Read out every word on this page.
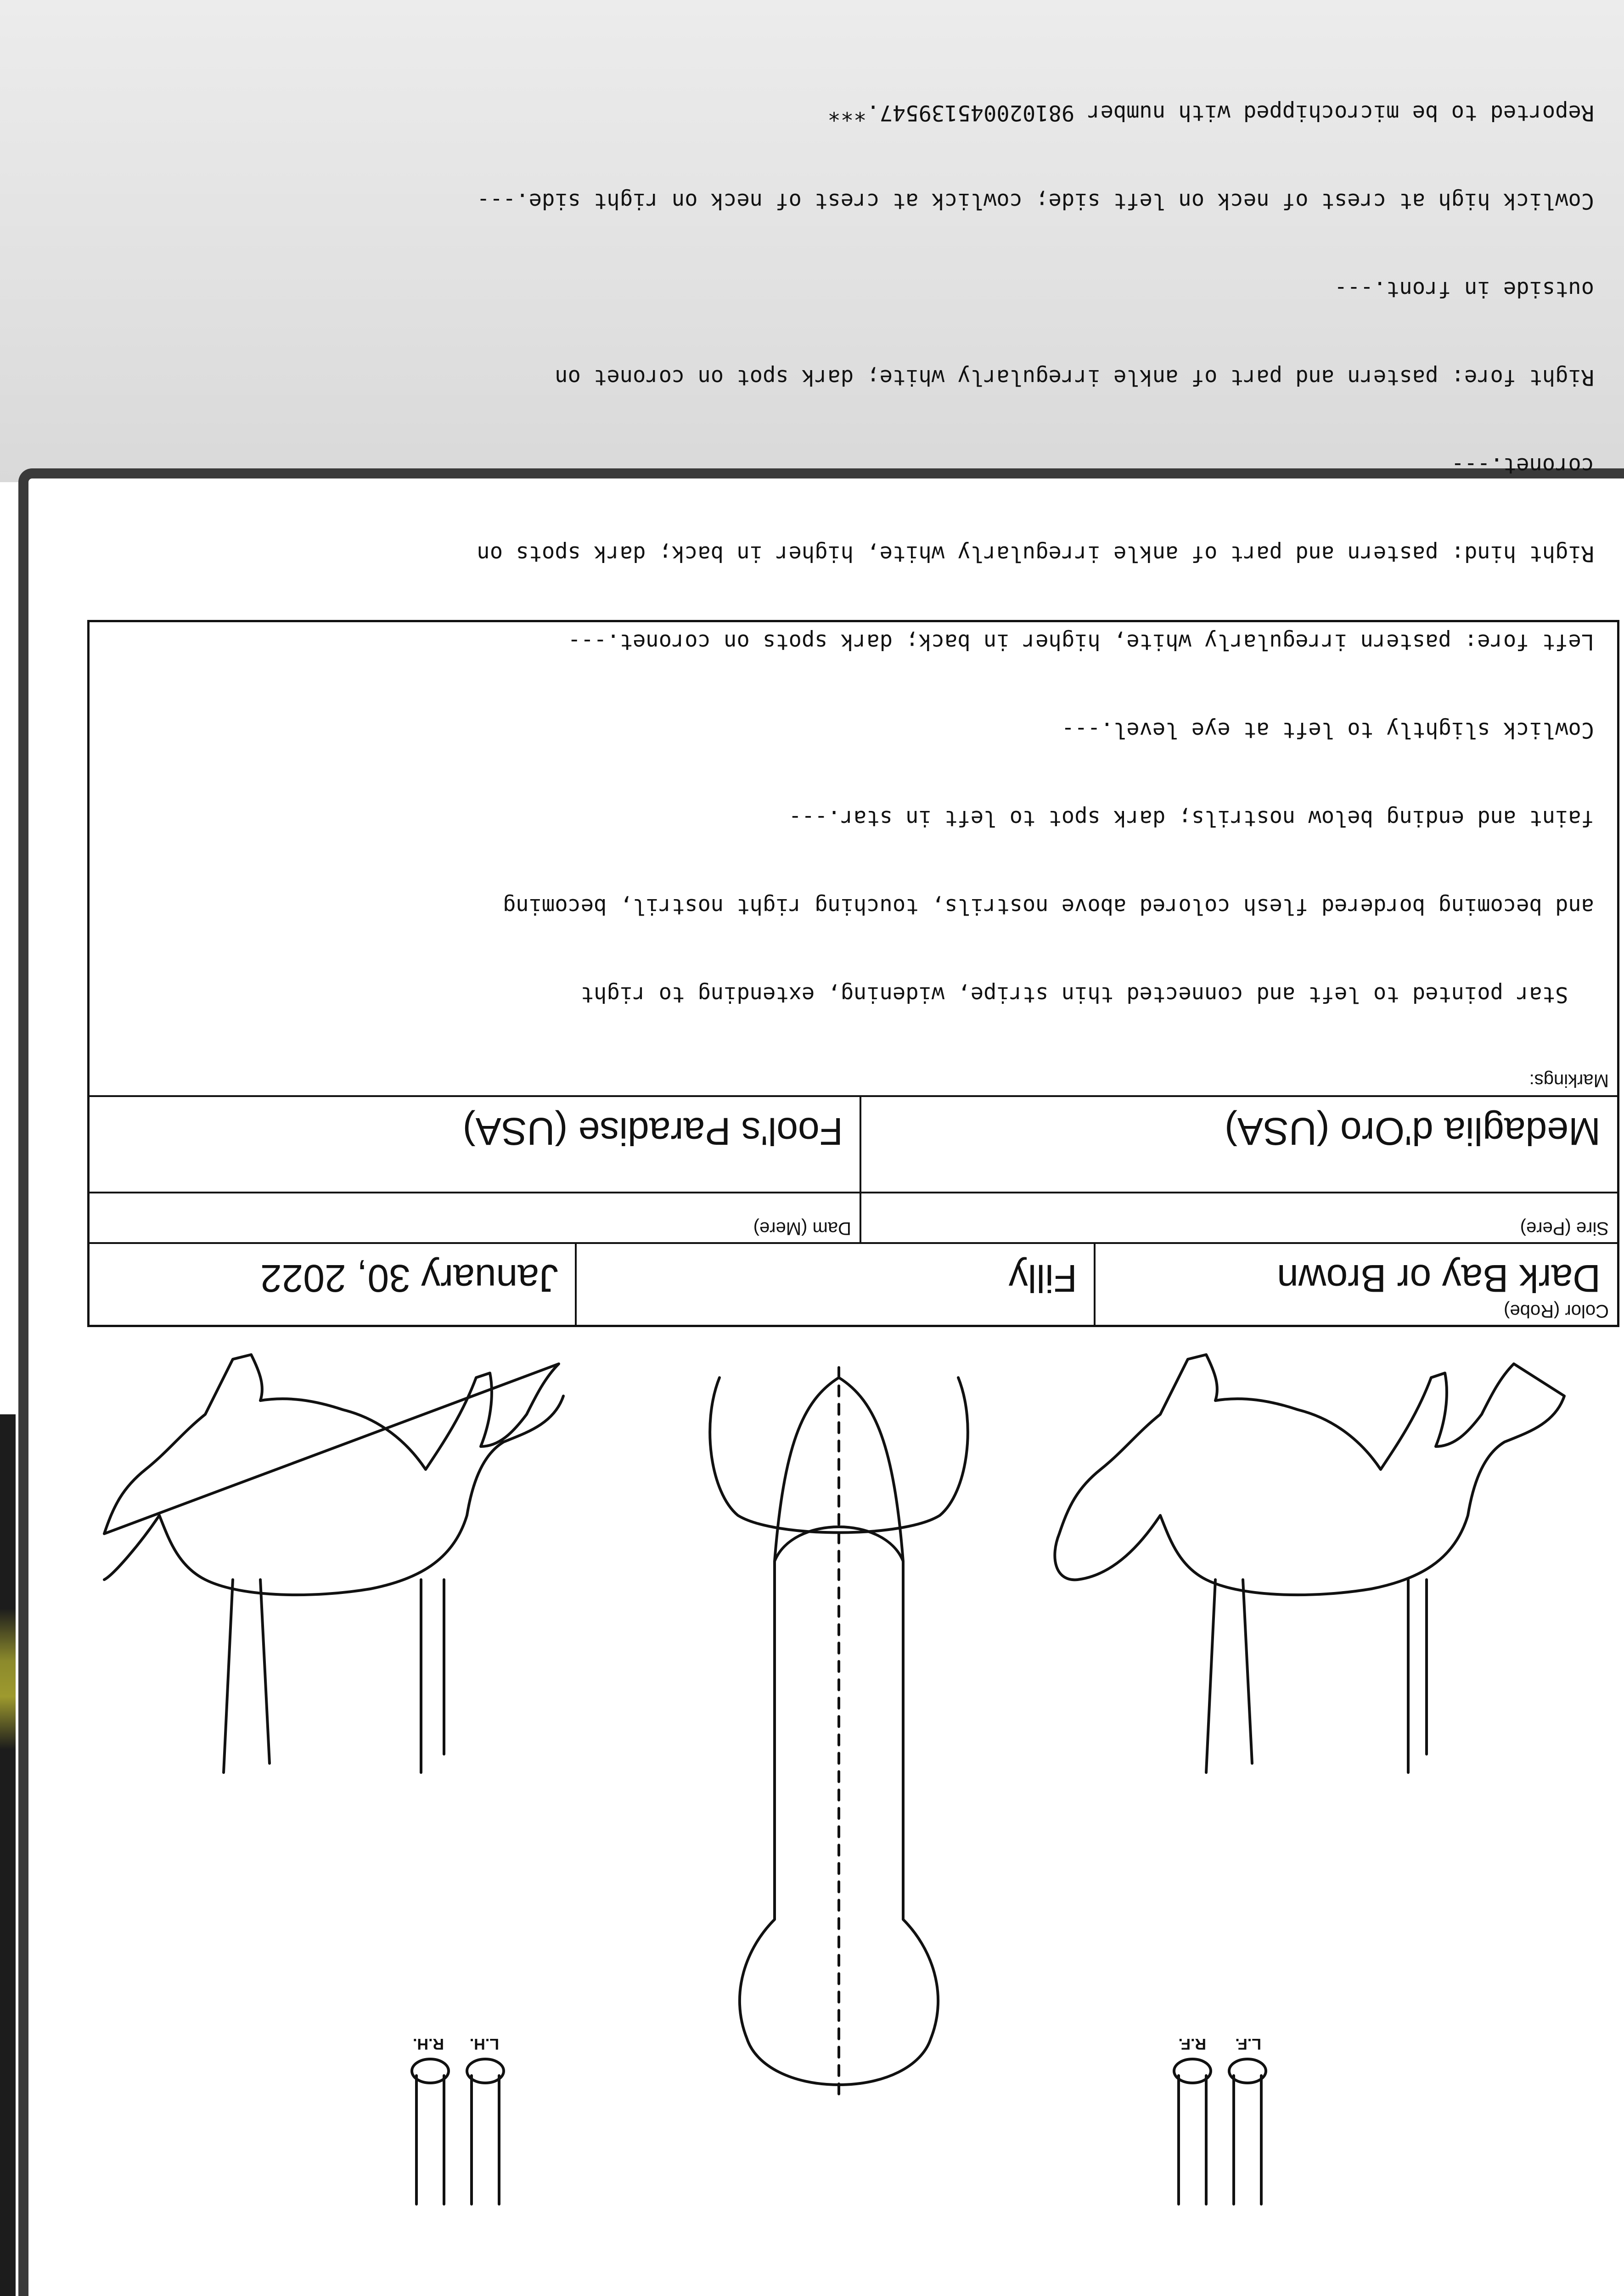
L.F.
R.F.
L.H.
R.H.
Color (Robe)
Dark Bay or Brown
Filly
January 30, 2022
Sire (Pere)
Dam (Mere)
Medaglia d'Oro (USA)
Fool's Paradise (USA)
Markings:

Star pointed to left and connected thin stripe, widening, extending to right

and becoming bordered flesh colored above nostrils, touching right nostril, becoming

faint and ending below nostrils; dark spot to left in star.---

Cowlick slightly to left at eye level.---

Left fore: pastern irregularly white, higher in back; dark spots on coronet.---

Right hind: pastern and part of ankle irregularly white, higher in back; dark spots on

coronet.---

Right fore: pastern and part of ankle irregularly white; dark spot on coronet on

outside in front.---

Cowlick high at crest of neck on left side; cowlick at crest of neck on right side.---

Reported to be microchipped with number 981020045139547.***
